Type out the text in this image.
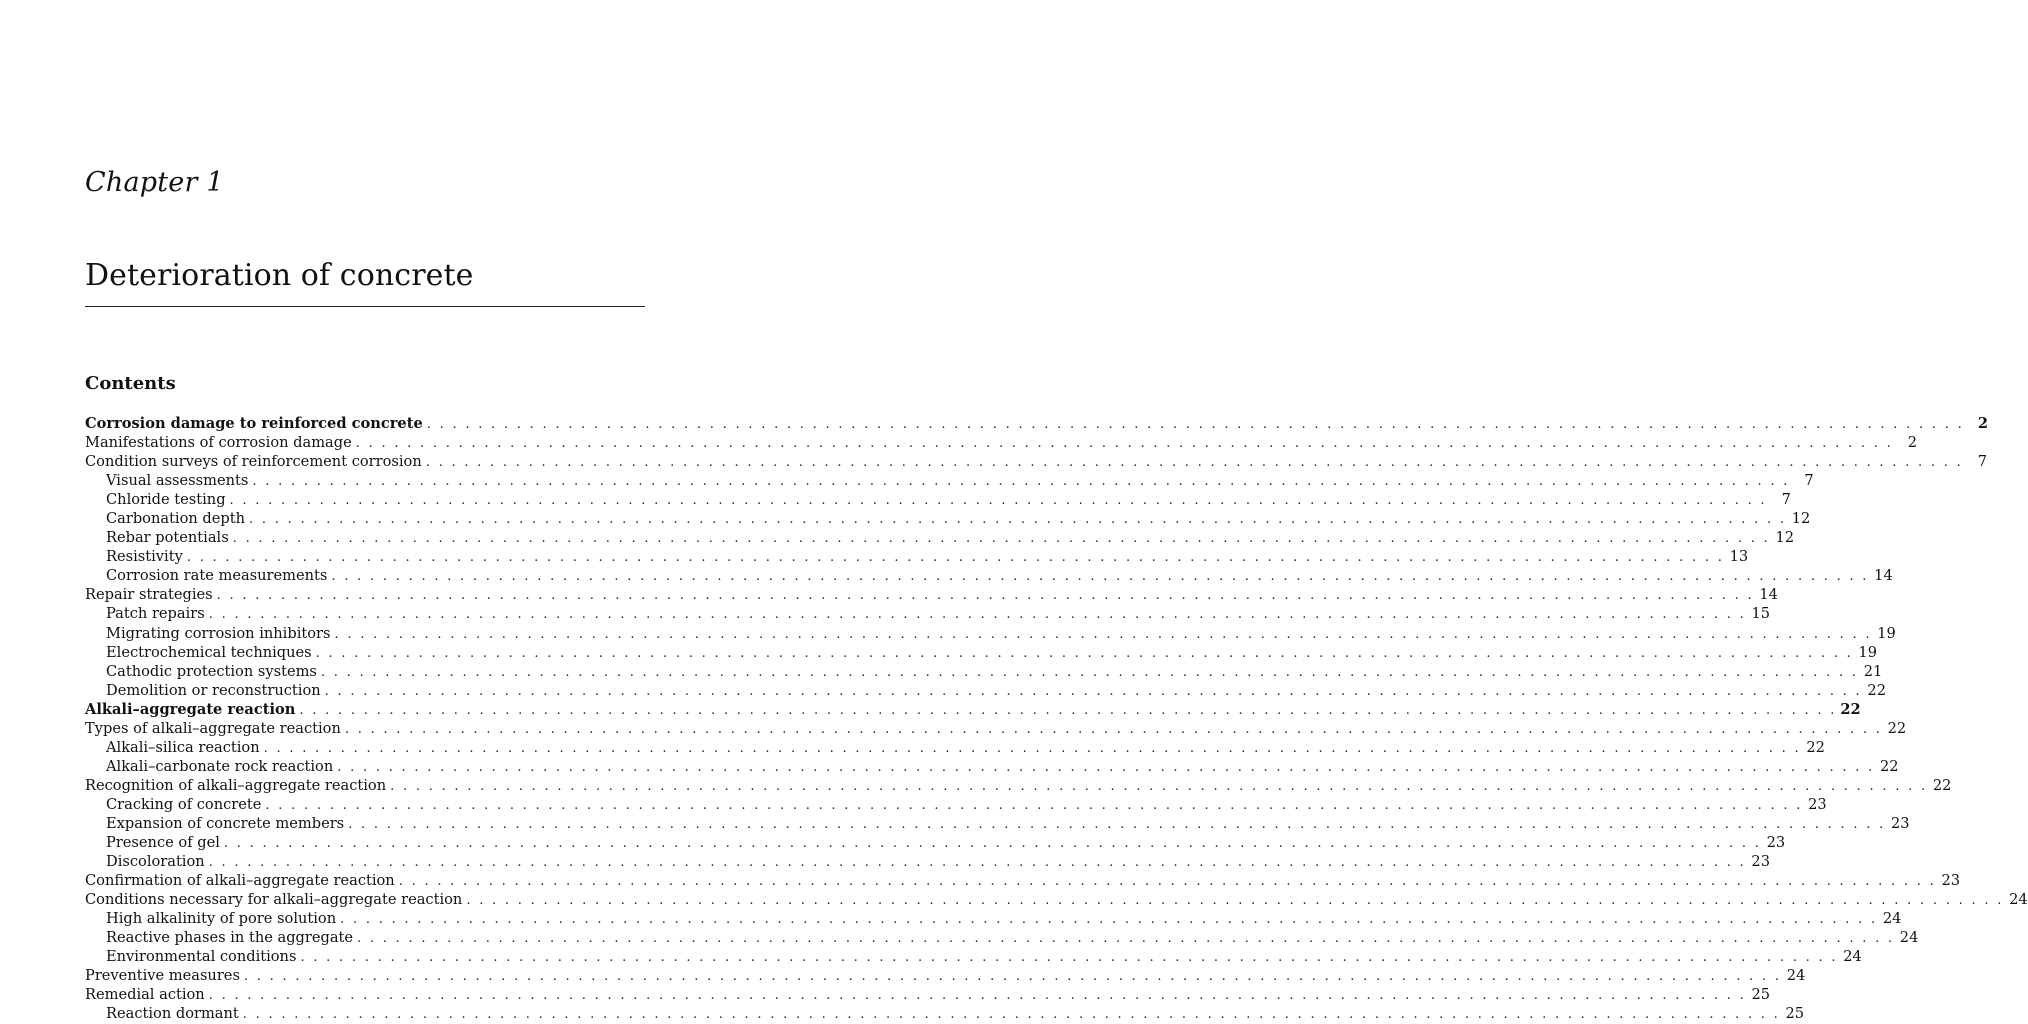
Chapter 1
Deterioration of concrete
Contents
Corrosion damage to reinforced concrete . . . . . . . . . . . . . . . . . . . . . . . . . . . . . . . . . . . . . . . . . . . . . . . . . . . . . . . . . . . . . . . . . . . . . . . . . . . . . . . . . . . . . . . . . . . . . . . . . . . . . . . . . . . . . . . . . . . . . . . . 2
Manifestations of corrosion damage . . . . . . . . . . . . . . . . . . . . . . . . . . . . . . . . . . . . . . . . . . . . . . . . . . . . . . . . . . . . . . . . . . . . . . . . . . . . . . . . . . . . . . . . . . . . . . . . . . . . . . . . . . . . . . . . . . . . . . . .	2
Condition surveys of reinforcement corrosion . . . . . . . . . . . . . . . . . . . . . . . . . . . . . . . . . . . . . . . . . . . . . . . . . . . . . . . . . . . . . . . . . . . . . . . . . . . . . . . . . . . . . . . . . . . . . . . . . . . . . . . . . . . . . . . . . . . . . . . .	7
Visual assessments . . . . . . . . . . . . . . . . . . . . . . . . . . . . . . . . . . . . . . . . . . . . . . . . . . . . . . . . . . . . . . . . . . . . . . . . . . . . . . . . . . . . . . . . . . . . . . . . . . . . . . . . . . . . . . . . . . . . . . . .	7
Chloride testing . . . . . . . . . . . . . . . . . . . . . . . . . . . . . . . . . . . . . . . . . . . . . . . . . . . . . . . . . . . . . . . . . . . . . . . . . . . . . . . . . . . . . . . . . . . . . . . . . . . . . . . . . . . . . . . . . . . . . . . .	7
Carbonation depth . . . . . . . . . . . . . . . . . . . . . . . . . . . . . . . . . . . . . . . . . . . . . . . . . . . . . . . . . . . . . . . . . . . . . . . . . . . . . . . . . . . . . . . . . . . . . . . . . . . . . . . . . . . . . . . . . . . . . . . . 12
Rebar potentials . . . . . . . . . . . . . . . . . . . . . . . . . . . . . . . . . . . . . . . . . . . . . . . . . . . . . . . . . . . . . . . . . . . . . . . . . . . . . . . . . . . . . . . . . . . . . . . . . . . . . . . . . . . . . . . . . . . . . . . . 12
Resistivity . . . . . . . . . . . . . . . . . . . . . . . . . . . . . . . . . . . . . . . . . . . . . . . . . . . . . . . . . . . . . . . . . . . . . . . . . . . . . . . . . . . . . . . . . . . . . . . . . . . . . . . . . . . . . . . . . . . . . . . . 13
Corrosion rate measurements . . . . . . . . . . . . . . . . . . . . . . . . . . . . . . . . . . . . . . . . . . . . . . . . . . . . . . . . . . . . . . . . . . . . . . . . . . . . . . . . . . . . . . . . . . . . . . . . . . . . . . . . . . . . . . . . . . . . . . . . 14
Repair strategies . . . . . . . . . . . . . . . . . . . . . . . . . . . . . . . . . . . . . . . . . . . . . . . . . . . . . . . . . . . . . . . . . . . . . . . . . . . . . . . . . . . . . . . . . . . . . . . . . . . . . . . . . . . . . . . . . . . . . . . . 14
Patch repairs . . . . . . . . . . . . . . . . . . . . . . . . . . . . . . . . . . . . . . . . . . . . . . . . . . . . . . . . . . . . . . . . . . . . . . . . . . . . . . . . . . . . . . . . . . . . . . . . . . . . . . . . . . . . . . . . . . . . . . . . 15
Migrating corrosion inhibitors . . . . . . . . . . . . . . . . . . . . . . . . . . . . . . . . . . . . . . . . . . . . . . . . . . . . . . . . . . . . . . . . . . . . . . . . . . . . . . . . . . . . . . . . . . . . . . . . . . . . . . . . . . . . . . . . . . . . . . . . 19
Electrochemical techniques . . . . . . . . . . . . . . . . . . . . . . . . . . . . . . . . . . . . . . . . . . . . . . . . . . . . . . . . . . . . . . . . . . . . . . . . . . . . . . . . . . . . . . . . . . . . . . . . . . . . . . . . . . . . . . . . . . . . . . . . 19
Cathodic protection systems . . . . . . . . . . . . . . . . . . . . . . . . . . . . . . . . . . . . . . . . . . . . . . . . . . . . . . . . . . . . . . . . . . . . . . . . . . . . . . . . . . . . . . . . . . . . . . . . . . . . . . . . . . . . . . . . . . . . . . . . 21
Demolition or reconstruction . . . . . . . . . . . . . . . . . . . . . . . . . . . . . . . . . . . . . . . . . . . . . . . . . . . . . . . . . . . . . . . . . . . . . . . . . . . . . . . . . . . . . . . . . . . . . . . . . . . . . . . . . . . . . . . . . . . . . . . . 22
Alkali–aggregate reaction . . . . . . . . . . . . . . . . . . . . . . . . . . . . . . . . . . . . . . . . . . . . . . . . . . . . . . . . . . . . . . . . . . . . . . . . . . . . . . . . . . . . . . . . . . . . . . . . . . . . . . . . . . . . . . . . . . . . . . . . 22
Types of alkali–aggregate reaction . . . . . . . . . . . . . . . . . . . . . . . . . . . . . . . . . . . . . . . . . . . . . . . . . . . . . . . . . . . . . . . . . . . . . . . . . . . . . . . . . . . . . . . . . . . . . . . . . . . . . . . . . . . . . . . . . . . . . . . . 22
Alkali–silica reaction . . . . . . . . . . . . . . . . . . . . . . . . . . . . . . . . . . . . . . . . . . . . . . . . . . . . . . . . . . . . . . . . . . . . . . . . . . . . . . . . . . . . . . . . . . . . . . . . . . . . . . . . . . . . . . . . . . . . . . . . 22
Alkali–carbonate rock reaction . . . . . . . . . . . . . . . . . . . . . . . . . . . . . . . . . . . . . . . . . . . . . . . . . . . . . . . . . . . . . . . . . . . . . . . . . . . . . . . . . . . . . . . . . . . . . . . . . . . . . . . . . . . . . . . . . . . . . . . . 22
Recognition of alkali–aggregate reaction . . . . . . . . . . . . . . . . . . . . . . . . . . . . . . . . . . . . . . . . . . . . . . . . . . . . . . . . . . . . . . . . . . . . . . . . . . . . . . . . . . . . . . . . . . . . . . . . . . . . . . . . . . . . . . . . . . . . . . . . 22
Cracking of concrete . . . . . . . . . . . . . . . . . . . . . . . . . . . . . . . . . . . . . . . . . . . . . . . . . . . . . . . . . . . . . . . . . . . . . . . . . . . . . . . . . . . . . . . . . . . . . . . . . . . . . . . . . . . . . . . . . . . . . . . . 23
Expansion of concrete members . . . . . . . . . . . . . . . . . . . . . . . . . . . . . . . . . . . . . . . . . . . . . . . . . . . . . . . . . . . . . . . . . . . . . . . . . . . . . . . . . . . . . . . . . . . . . . . . . . . . . . . . . . . . . . . . . . . . . . . . 23
Presence of gel . . . . . . . . . . . . . . . . . . . . . . . . . . . . . . . . . . . . . . . . . . . . . . . . . . . . . . . . . . . . . . . . . . . . . . . . . . . . . . . . . . . . . . . . . . . . . . . . . . . . . . . . . . . . . . . . . . . . . . . . 23
Discoloration . . . . . . . . . . . . . . . . . . . . . . . . . . . . . . . . . . . . . . . . . . . . . . . . . . . . . . . . . . . . . . . . . . . . . . . . . . . . . . . . . . . . . . . . . . . . . . . . . . . . . . . . . . . . . . . . . . . . . . . . 23
Confirmation of alkali–aggregate reaction . . . . . . . . . . . . . . . . . . . . . . . . . . . . . . . . . . . . . . . . . . . . . . . . . . . . . . . . . . . . . . . . . . . . . . . . . . . . . . . . . . . . . . . . . . . . . . . . . . . . . . . . . . . . . . . . . . . . . . . . 23
Conditions necessary for alkali–aggregate reaction . . . . . . . . . . . . . . . . . . . . . . . . . . . . . . . . . . . . . . . . . . . . . . . . . . . . . . . . . . . . . . . . . . . . . . . . . . . . . . . . . . . . . . . . . . . . . . . . . . . . . . . . . . . . . . . . . . . . . . . . 24
High alkalinity of pore solution . . . . . . . . . . . . . . . . . . . . . . . . . . . . . . . . . . . . . . . . . . . . . . . . . . . . . . . . . . . . . . . . . . . . . . . . . . . . . . . . . . . . . . . . . . . . . . . . . . . . . . . . . . . . . . . . . . . . . . . . 24
Reactive phases in the aggregate . . . . . . . . . . . . . . . . . . . . . . . . . . . . . . . . . . . . . . . . . . . . . . . . . . . . . . . . . . . . . . . . . . . . . . . . . . . . . . . . . . . . . . . . . . . . . . . . . . . . . . . . . . . . . . . . . . . . . . . . 24
Environmental conditions . . . . . . . . . . . . . . . . . . . . . . . . . . . . . . . . . . . . . . . . . . . . . . . . . . . . . . . . . . . . . . . . . . . . . . . . . . . . . . . . . . . . . . . . . . . . . . . . . . . . . . . . . . . . . . . . . . . . . . . . 24
Preventive measures . . . . . . . . . . . . . . . . . . . . . . . . . . . . . . . . . . . . . . . . . . . . . . . . . . . . . . . . . . . . . . . . . . . . . . . . . . . . . . . . . . . . . . . . . . . . . . . . . . . . . . . . . . . . . . . . . . . . . . . . 24
Remedial action . . . . . . . . . . . . . . . . . . . . . . . . . . . . . . . . . . . . . . . . . . . . . . . . . . . . . . . . . . . . . . . . . . . . . . . . . . . . . . . . . . . . . . . . . . . . . . . . . . . . . . . . . . . . . . . . . . . . . . . . 25
Reaction dormant . . . . . . . . . . . . . . . . . . . . . . . . . . . . . . . . . . . . . . . . . . . . . . . . . . . . . . . . . . . . . . . . . . . . . . . . . . . . . . . . . . . . . . . . . . . . . . . . . . . . . . . . . . . . . . . . . . . . . . . . 25
